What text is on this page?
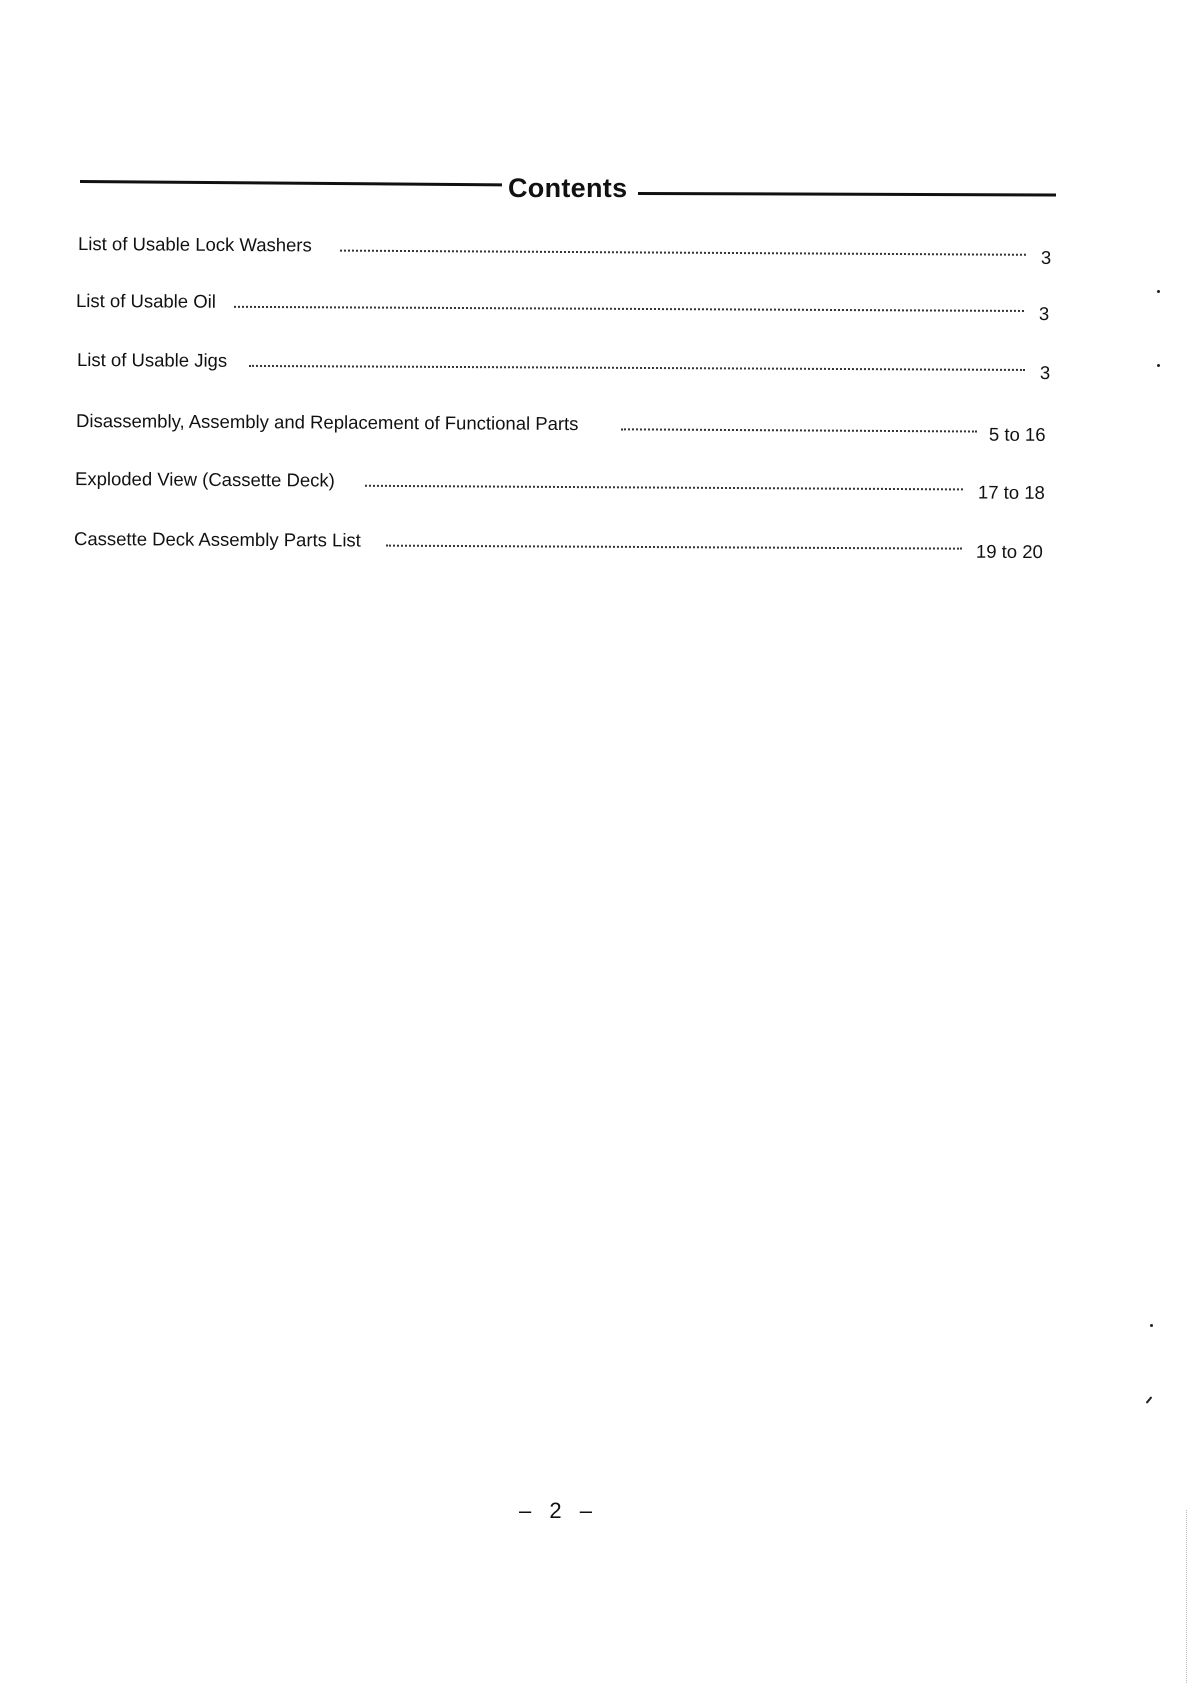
Contents
List of Usable Lock Washers
3
List of Usable Oil
3
List of Usable Jigs
3
Disassembly, Assembly and Replacement of Functional Parts
5 to 16
Exploded View (Cassette Deck)
17 to 18
Cassette Deck Assembly Parts List
19 to 20
– 2 –
